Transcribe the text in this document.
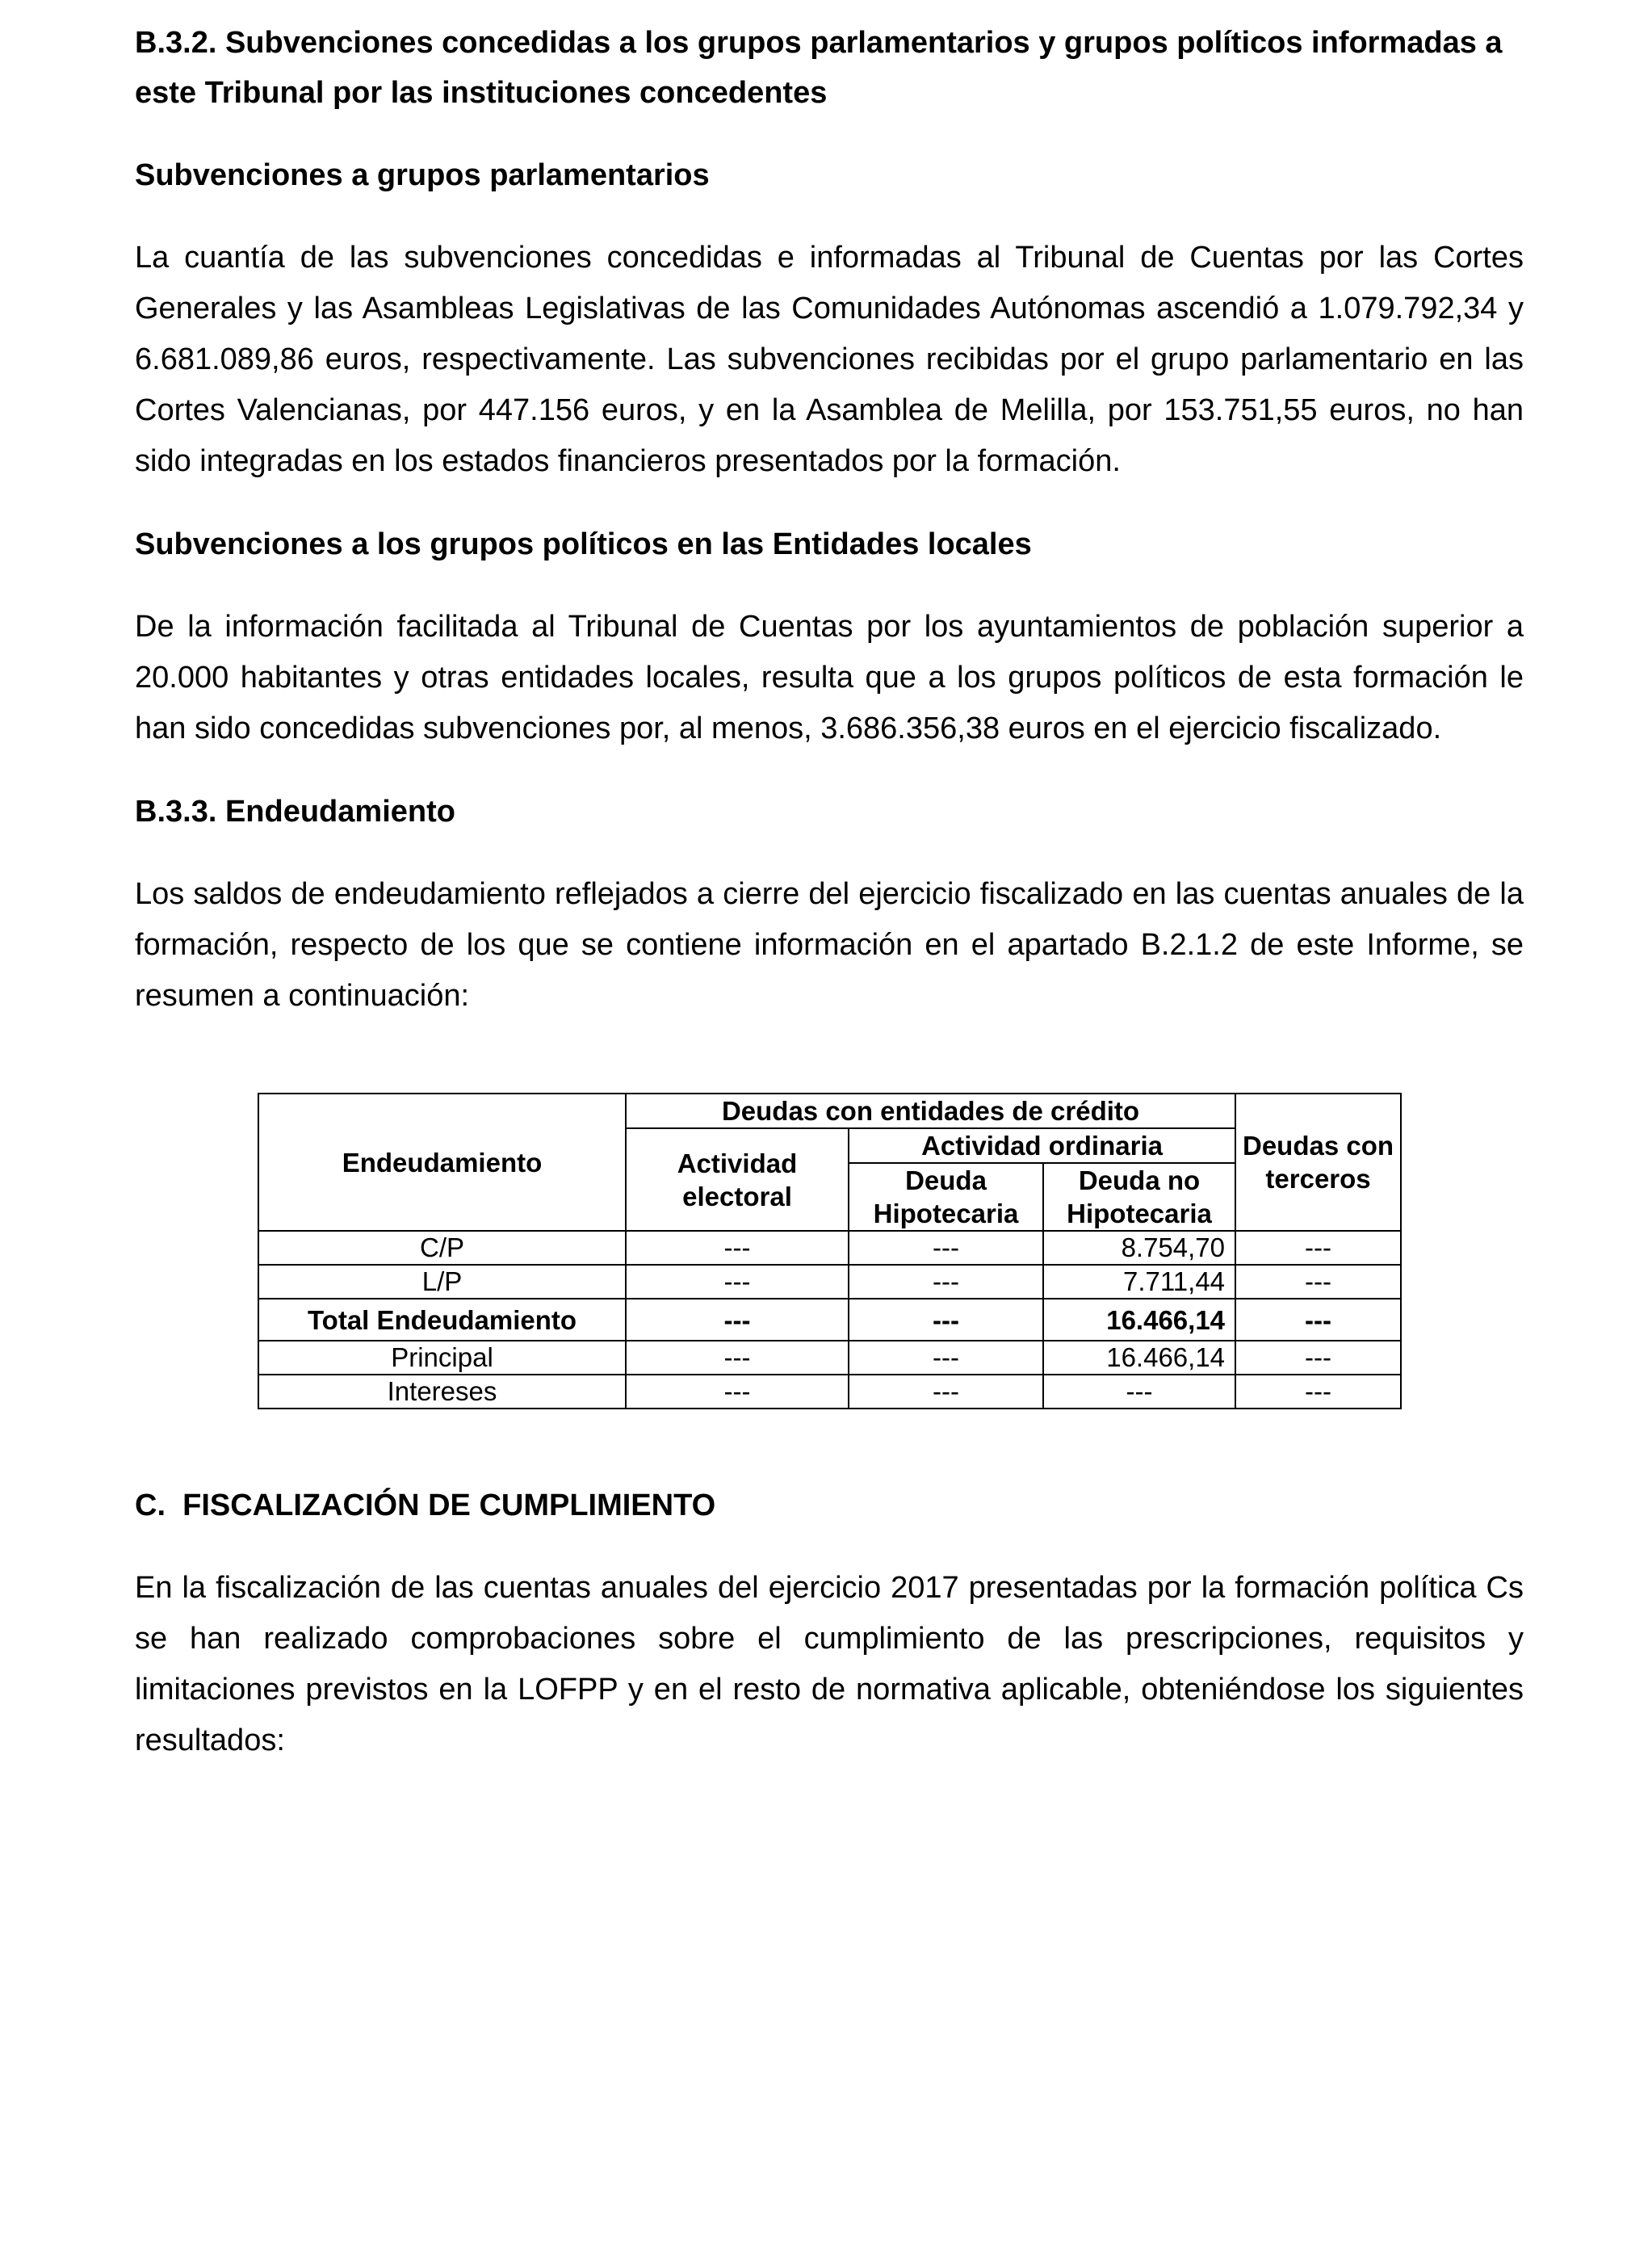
B.3.2. Subvenciones concedidas a los grupos parlamentarios y grupos políticos informadas a este Tribunal por las instituciones concedentes

Subvenciones a grupos parlamentarios

La cuantía de las subvenciones concedidas e informadas al Tribunal de Cuentas por las Cortes Generales y las Asambleas Legislativas de las Comunidades Autónomas ascendió a 1.079.792,34 y 6.681.089,86 euros, respectivamente. Las subvenciones recibidas por el grupo parlamentario en las Cortes Valencianas, por 447.156 euros, y en la Asamblea de Melilla, por 153.751,55 euros, no han sido integradas en los estados financieros presentados por la formación.

Subvenciones a los grupos políticos en las Entidades locales

De la información facilitada al Tribunal de Cuentas por los ayuntamientos de población superior a 20.000 habitantes y otras entidades locales, resulta que a los grupos políticos de esta formación le han sido concedidas subvenciones por, al menos, 3.686.356,38 euros en el ejercicio fiscalizado.

B.3.3. Endeudamiento

Los saldos de endeudamiento reflejados a cierre del ejercicio fiscalizado en las cuentas anuales de la formación, respecto de los que se contiene información en el apartado B.2.1.2 de este Informe, se resumen a continuación:

Endeudamiento	Deudas con entidades de crédito			Deudas con terceros
	Actividad electoral	Actividad ordinaria		
		Deuda Hipotecaria	Deuda no Hipotecaria	
C/P	---	---	8.754,70	---
L/P	---	---	7.711,44	---
Total Endeudamiento	---	---	16.466,14	---
Principal	---	---	16.466,14	---
Intereses	---	---	---	---

C.  FISCALIZACIÓN DE CUMPLIMIENTO

En la fiscalización de las cuentas anuales del ejercicio 2017 presentadas por la formación política Cs se han realizado comprobaciones sobre el cumplimiento de las prescripciones, requisitos y limitaciones previstos en la LOFPP y en el resto de normativa aplicable, obteniéndose los siguientes resultados:
